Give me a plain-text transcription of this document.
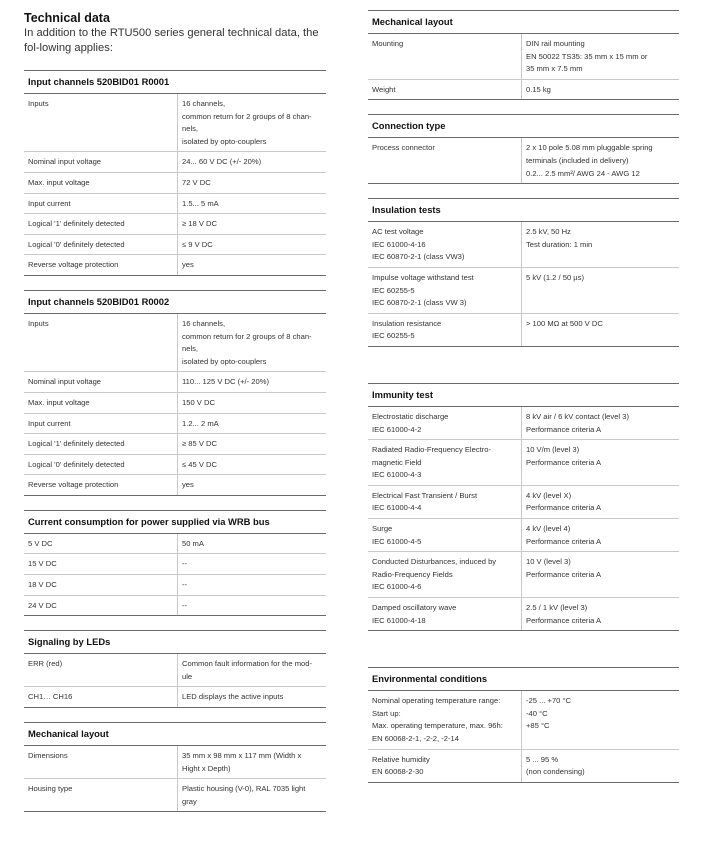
Technical data

In addition to the RTU500 series general technical data, the fol-lowing applies:

Input channels 520BID01 R0001
Inputs	16 channels,
common return for 2 groups of 8 chan-
nels,
isolated by opto-couplers

Nominal input voltage	24... 60 V DC (+/- 20%)

Max. input voltage	72 V DC

Input current	1.5... 5 mA

Logical '1' definitely detected	≥ 18 V DC

Logical '0' definitely detected	≤ 9 V DC

Reverse voltage protection	yes
Input channels 520BID01 R0002
Inputs	16 channels,
common return for 2 groups of 8 chan-
nels,
isolated by opto-couplers

Nominal input voltage	110... 125 V DC (+/- 20%)

Max. input voltage	150 V DC

Input current	1.2... 2 mA

Logical '1' definitely detected	≥ 85 V DC

Logical '0' definitely detected	≤ 45 V DC

Reverse voltage protection	yes
Current consumption for power supplied via WRB bus
5 V DC	50 mA

15 V DC	--

18 V DC	--

24 V DC	--
Signaling by LEDs
ERR (red)	Common fault information for the mod-
ule

CH1… CH16	LED displays the active inputs
Mechanical layout
Dimensions	35 mm x 98 mm x 117 mm (Width x
Hight x Depth)

Housing type	Plastic housing (V-0), RAL 7035 light
gray
Mechanical layout
Mounting	DIN rail mounting
EN 50022 TS35: 35 mm x 15 mm or
35 mm x 7.5 mm

Weight	0.15 kg
Connection type
Process connector	2 x 10 pole 5.08 mm pluggable spring
terminals (included in delivery)
0.2... 2.5 mm²/ AWG 24 - AWG 12
Insulation tests
AC test voltage
IEC 61000-4-16
IEC 60870-2-1 (class VW3)	2.5 kV, 50 Hz
Test duration: 1 min

Impulse voltage withstand test
IEC 60255-5
IEC 60870-2-1 (class VW 3)	5 kV (1.2 / 50 µs)

Insulation resistance
IEC 60255-5	> 100 MΩ at 500 V DC
Immunity test
Electrostatic discharge
IEC 61000-4-2	8 kV air / 6 kV contact (level 3)
Performance criteria A

Radiated Radio-Frequency Electro-
magnetic Field
IEC 61000-4-3	10 V/m (level 3)
Performance criteria A

Electrical Fast Transient / Burst
IEC 61000-4-4	4 kV (level X)
Performance criteria A

Surge
IEC 61000-4-5	4 kV (level 4)
Performance criteria A

Conducted Disturbances, induced by
Radio-Frequency Fields
IEC 61000-4-6	10 V (level 3)
Performance criteria A

Damped oscillatory wave
IEC 61000-4-18	2.5 / 1 kV (level 3)
Performance criteria A
Environmental conditions
Nominal operating temperature range:
Start up:
Max. operating temperature, max. 96h:
EN 60068-2-1, -2-2, -2-14	-25 ... +70 °C
-40 °C
+85 °C

Relative humidity
EN 60068-2-30	5 ... 95 %
(non condensing)
